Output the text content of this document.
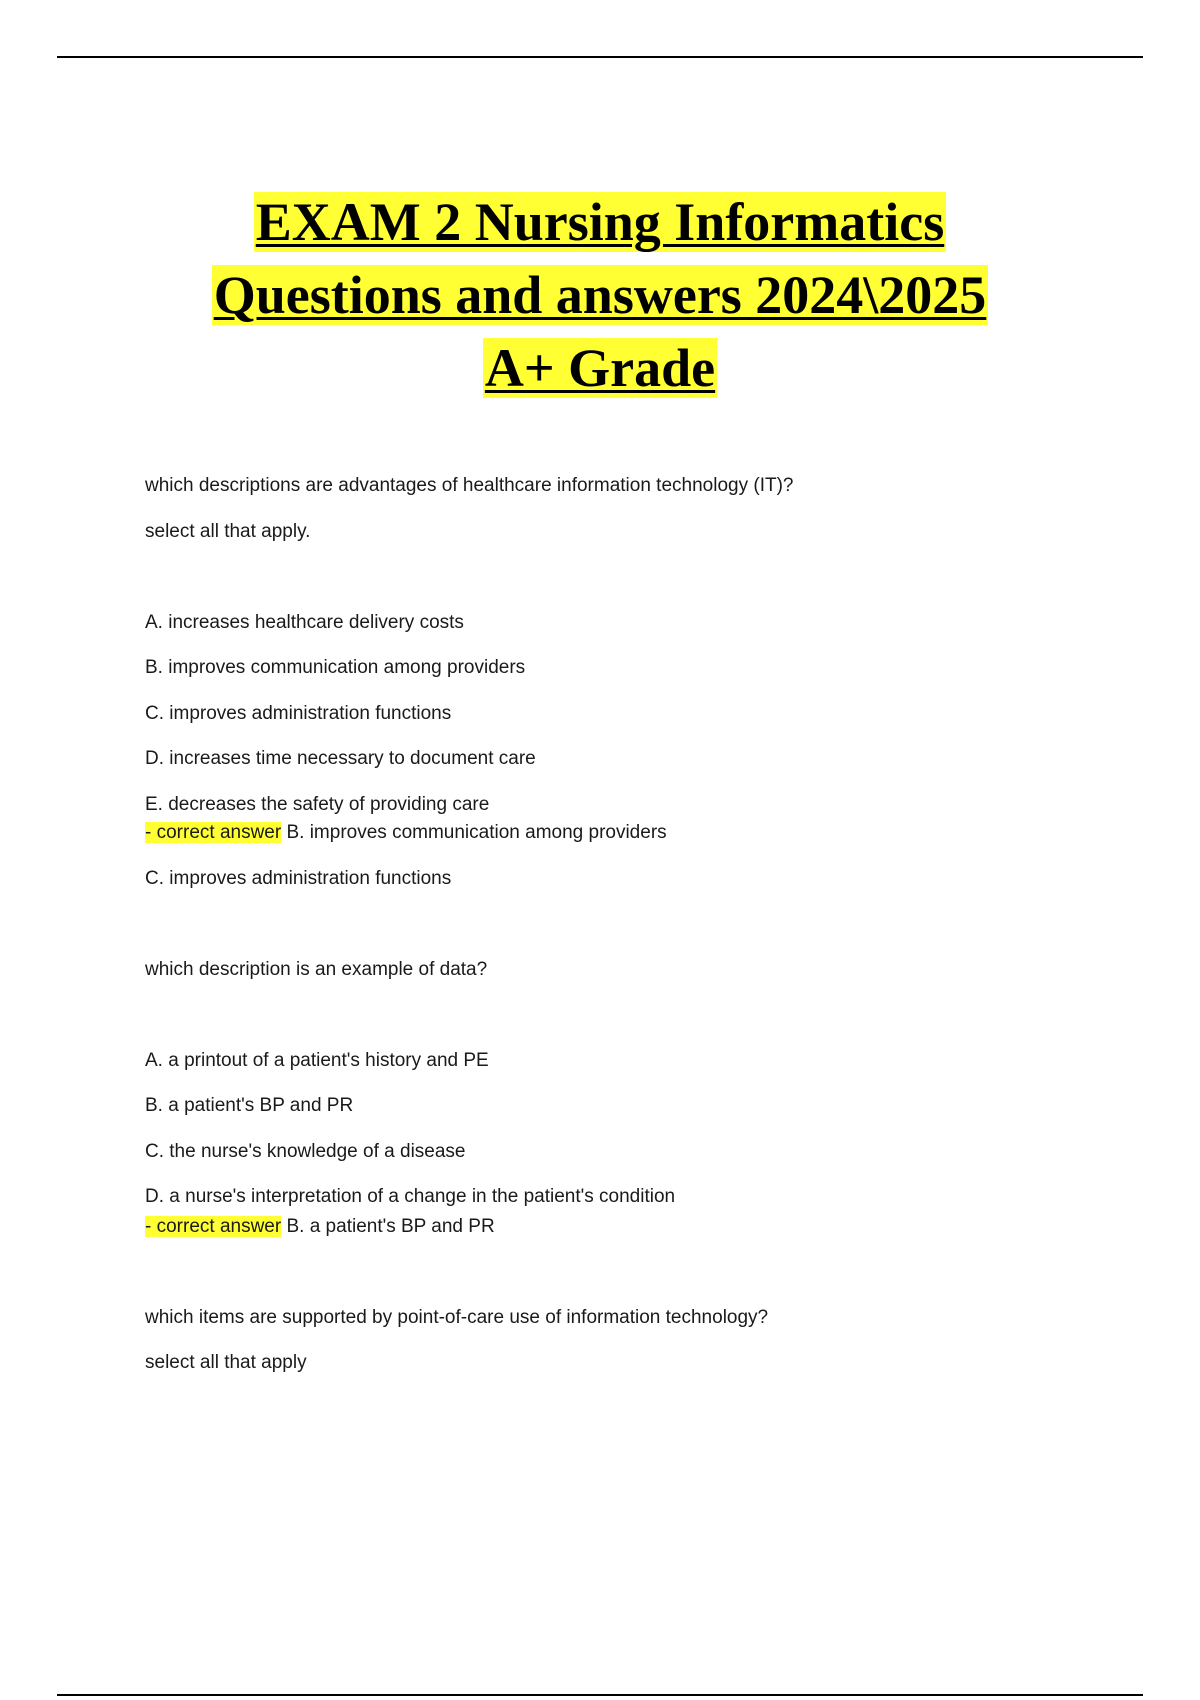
EXAM 2 Nursing Informatics
Questions and answers 2024\2025
A+ Grade
which descriptions are advantages of healthcare information technology (IT)?
select all that apply.
A. increases healthcare delivery costs
B. improves communication among providers
C. improves administration functions
D. increases time necessary to document care
E. decreases the safety of providing care
- correct answer B. improves communication among providers
C. improves administration functions
which description is an example of data?
A. a printout of a patient's history and PE
B. a patient's BP and PR
C. the nurse's knowledge of a disease
D. a nurse's interpretation of a change in the patient's condition
- correct answer B. a patient's BP and PR
which items are supported by point-of-care use of information technology?
select all that apply
